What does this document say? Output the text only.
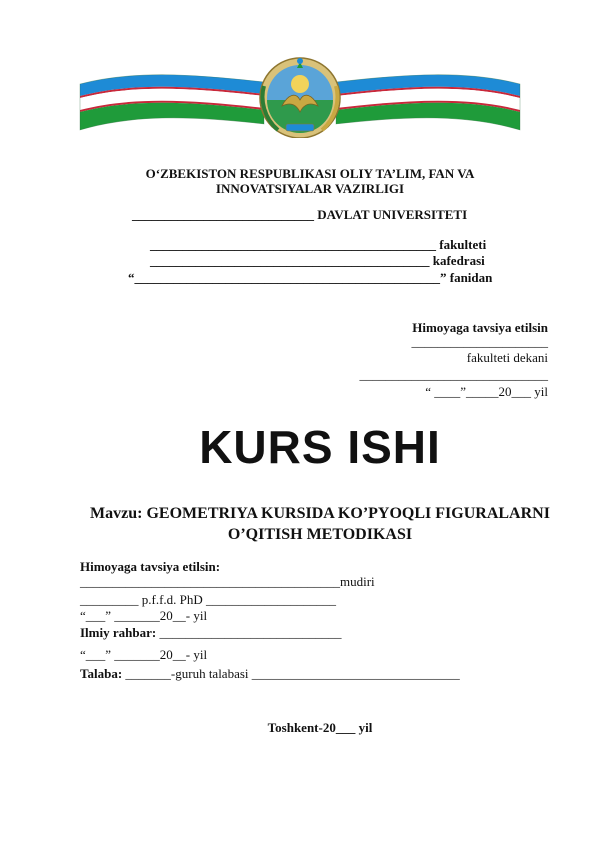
O‘ZBEKISTON RESPUBLIKASI OLIY TA’LIM, FAN VA
INNOVATSIYALAR VAZIRLIGI
____________________________ DAVLAT UNIVERSITETI
____________________________________________ fakulteti
___________________________________________ kafedrasi
“_______________________________________________” fanidan
Himoyaga tavsiya etilsin
_____________________
fakulteti dekani
_____________________________
“ ____”_____20___ yil
KURS ISHI
Mavzu: GEOMETRIYA KURSIDA KO’PYOQLI FIGURALARNI
O’QITISH METODIKASI
Himoyaga tavsiya etilsin:
________________________________________mudiri
_________ p.f.f.d. PhD ____________________
“___” _______20__- yil
Ilmiy rahbar: ____________________________
“___” _______20__- yil
Talaba: _______-guruh talabasi ________________________________
Toshkent-20___ yil
